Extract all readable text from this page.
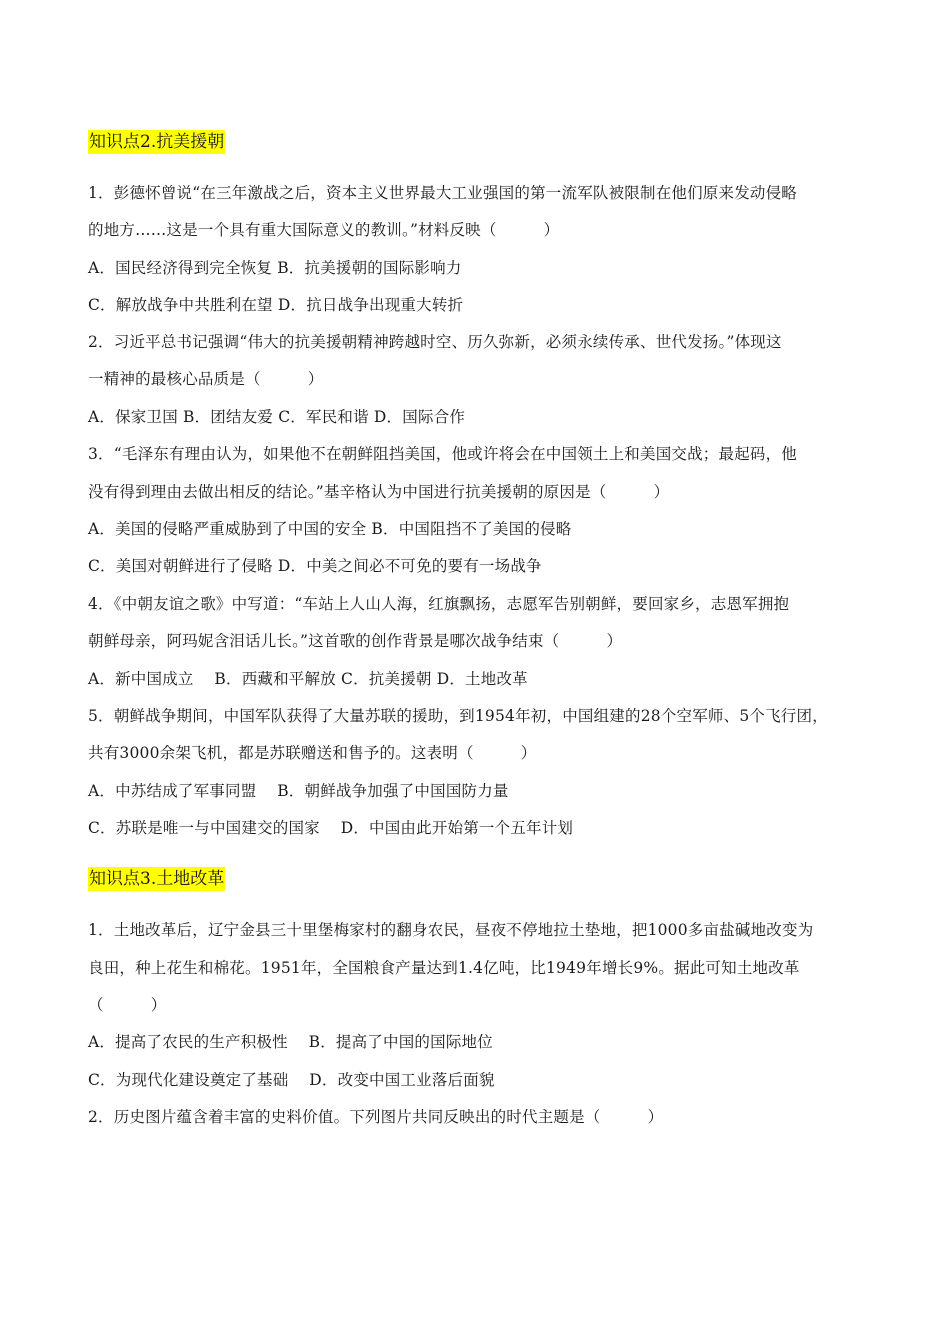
知识点2.抗美援朝
1．彭德怀曾说“在三年激战之后，资本主义世界最大工业强国的第一流军队被限制在他们原来发动侵略
的地方……这是一个具有重大国际意义的教训。”材料反映（　　　）
A．国民经济得到完全恢复 B．抗美援朝的国际影响力
C．解放战争中共胜利在望 D．抗日战争出现重大转折
2．习近平总书记强调“伟大的抗美援朝精神跨越时空、历久弥新，必须永续传承、世代发扬。”体现这
一精神的最核心品质是（　　　）
A．保家卫国 B．团结友爱 C．军民和谐 D．国际合作
3．“毛泽东有理由认为，如果他不在朝鲜阻挡美国，他或许将会在中国领土上和美国交战；最起码，他
没有得到理由去做出相反的结论。”基辛格认为中国进行抗美援朝的原因是（　　　）
A．美国的侵略严重威胁到了中国的安全 B．中国阻挡不了美国的侵略
C．美国对朝鲜进行了侵略 D．中美之间必不可免的要有一场战争
4．《中朝友谊之歌》中写道：“车站上人山人海，红旗飘扬，志愿军告别朝鲜，要回家乡，志恩军拥抱
朝鲜母亲，阿玛妮含泪话儿长。”这首歌的创作背景是哪次战争结束（　　　）
A．新中国成立　 B．西藏和平解放 C．抗美援朝 D．土地改革
5．朝鲜战争期间，中国军队获得了大量苏联的援助，到1954年初，中国组建的28个空军师、5个飞行团，
共有3000余架飞机，都是苏联赠送和售予的。这表明（　　　）
A．中苏结成了军事同盟　 B．朝鲜战争加强了中国国防力量
C．苏联是唯一与中国建交的国家　 D．中国由此开始第一个五年计划
知识点3.土地改革
1．土地改革后，辽宁金县三十里堡梅家村的翻身农民，昼夜不停地拉土垫地，把1000多亩盐碱地改变为
良田，种上花生和棉花。1951年，全国粮食产量达到1.4亿吨，比1949年增长9%。据此可知土地改革
（　　　）
A．提高了农民的生产积极性　 B．提高了中国的国际地位
C．为现代化建设奠定了基础　 D．改变中国工业落后面貌
2．历史图片蕴含着丰富的史料价值。下列图片共同反映出的时代主题是（　　　）
